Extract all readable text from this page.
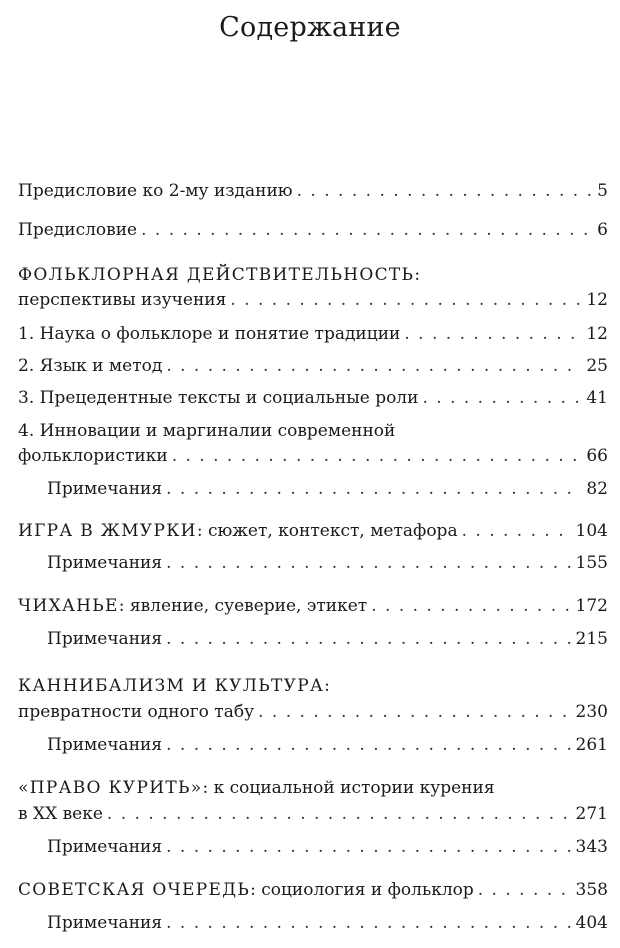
Содержание
Предисловие ко 2-му изданию . . .	5
Предисловие . . .	6
ФОЛЬКЛОРНАЯ ДЕЙСТВИТЕЛЬНОСТЬ:
перспективы изучения . . .	12
1. Наука о фольклоре и понятие традиции . . .	12
2. Язык и метод . . .	25
3. Прецедентные тексты и социальные роли . . .	41
4. Инновации и маргиналии современной
фольклористики . . .	66
Примечания . . .	82
ИГРА В ЖМУРКИ: сюжет, контекст, метафора . . .	104
Примечания . . .	155
ЧИХАНЬЕ: явление, суеверие, этикет . . .	172
Примечания . . .	215
КАННИБАЛИЗМ И КУЛЬТУРА:
превратности одного табу . . .	230
Примечания . . .	261
«ПРАВО КУРИТЬ»: к социальной истории курения
в XX веке . . .	271
Примечания . . .	343
СОВЕТСКАЯ ОЧЕРЕДЬ: социология и фольклор . . .	358
Примечания . . .	404
